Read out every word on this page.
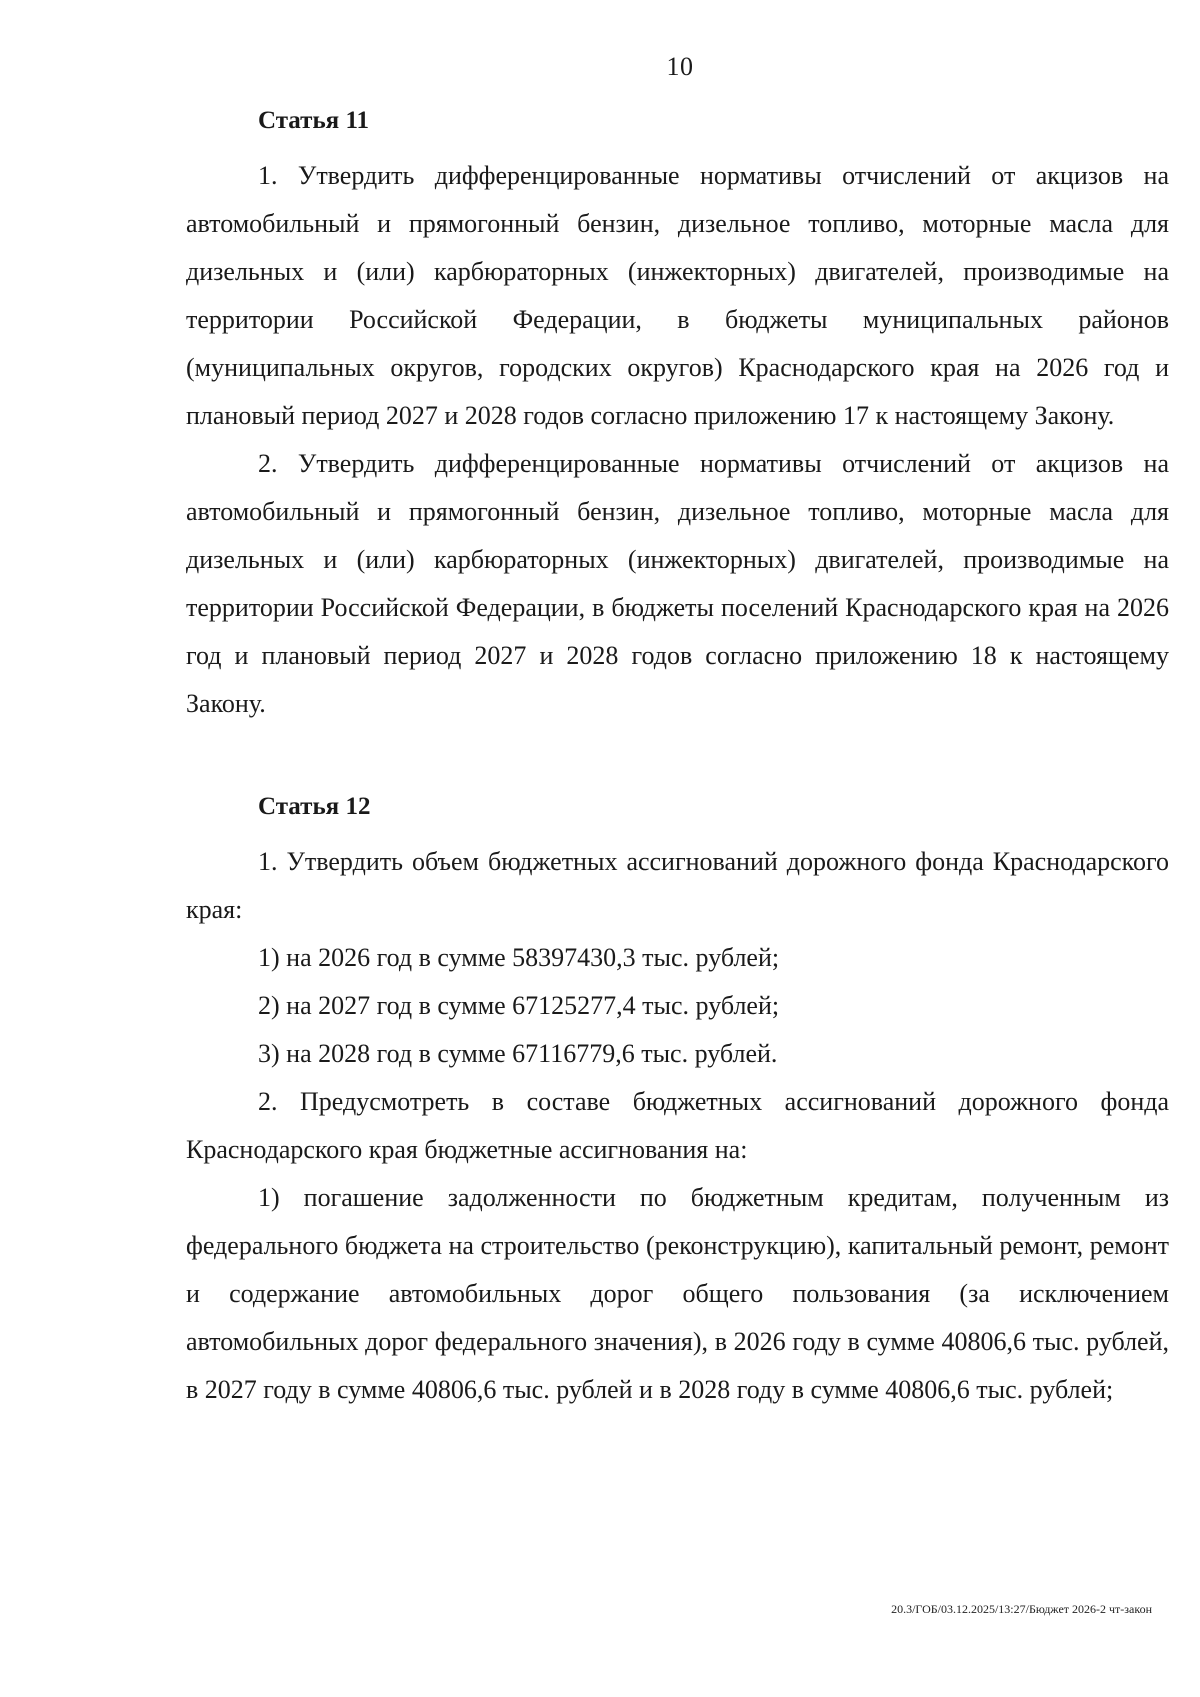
10
Статья 11

1. Утвердить дифференцированные нормативы отчислений от акцизов на автомобильный и прямогонный бензин, дизельное топливо, моторные масла для дизельных и (или) карбюраторных (инжекторных) двигателей, производимые на территории Российской Федерации, в бюджеты муниципальных районов (муниципальных округов, городских округов) Краснодарского края на 2026 год и плановый период 2027 и 2028 годов согласно приложению 17 к настоящему Закону.

2. Утвердить дифференцированные нормативы отчислений от акцизов на автомобильный и прямогонный бензин, дизельное топливо, моторные масла для дизельных и (или) карбюраторных (инжекторных) двигателей, производимые на территории Российской Федерации, в бюджеты поселений Краснодарского края на 2026 год и плановый период 2027 и 2028 годов согласно приложению 18 к настоящему Закону.

Статья 12

1. Утвердить объем бюджетных ассигнований дорожного фонда Краснодарского края:

1) на 2026 год в сумме 58397430,3 тыс. рублей;

2) на 2027 год в сумме 67125277,4 тыс. рублей;

3) на 2028 год в сумме 67116779,6 тыс. рублей.

2. Предусмотреть в составе бюджетных ассигнований дорожного фонда Краснодарского края бюджетные ассигнования на:

1) погашение задолженности по бюджетным кредитам, полученным из федерального бюджета на строительство (реконструкцию), капитальный ремонт, ремонт и содержание автомобильных дорог общего пользования (за исключением автомобильных дорог федерального значения), в 2026 году в сумме 40806,6 тыс. рублей, в 2027 году в сумме 40806,6 тыс. рублей и в 2028 году в сумме 40806,6 тыс. рублей;

20.3/ГОБ/03.12.2025/13:27/Бюджет 2026-2 чт-закон
